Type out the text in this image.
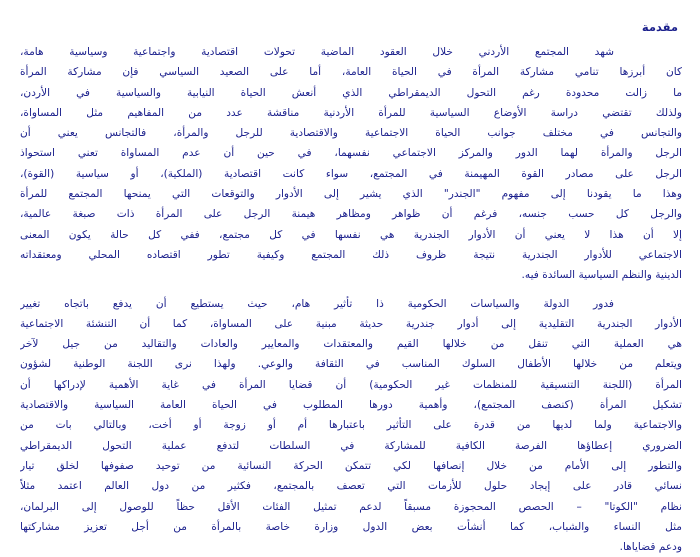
مقدمة
شهد المجتمع الأردني خلال العقود الماضية تحولات اقتصادية واجتماعية وسياسية هامة،
كان أبرزها تنامي مشاركة المرأة في الحياة العامة، أما على الصعيد السياسي فإن مشاركة المرأة
ما زالت محدودة رغم التحول الديمقراطي الذي أنعش الحياة النيابية والسياسية في الأردن،
ولذلك تقتضي دراسة الأوضاع السياسية للمرأة الأردنية مناقشة عدد من المفاهيم مثل المساواة،
والتجانس في مختلف جوانب الحياة الاجتماعية والاقتصادية للرجل والمرأة، فالتجانس يعني أن
الرجل والمرأة لهما الدور والمركز الاجتماعي نفسهما، في حين أن عدم المساواة تعني استحواذ
الرجل على مصادر القوة المهيمنة في المجتمع، سواء كانت اقتصادية (الملكية)، أو سياسية (القوة)،
وهذا ما يقودنا إلى مفهوم "الجندر" الذي يشير إلى الأدوار والتوقعات التي يمنحها المجتمع للمرأة
والرجل كل حسب جنسه، فرغم أن ظواهر ومظاهر هيمنة الرجل على المرأة ذات صبغة عالمية،
إلا أن هذا لا يعني أن الأدوار الجندرية هي نفسها في كل مجتمع، ففي كل حالة يكون المعنى
الاجتماعي للأدوار الجندرية نتيجة ظروف ذلك المجتمع وكيفية تطور اقتصاده المحلي ومعتقداته
الدينية والنظم السياسية السائدة فيه.
فدور الدولة والسياسات الحكومية ذا تأثير هام، حيث يستطيع أن يدفع باتجاه تغيير
الأدوار الجندرية التقليدية إلى أدوار جندرية حديثة مبنية على المساواة، كما أن التنشئة الاجتماعية
هي العملية التي تنقل من خلالها القيم والمعتقدات والمعايير والعادات والتقاليد من جيل لآخر
ويتعلم من خلالها الأطفال السلوك المناسب في الثقافة والوعي. ولهذا نرى اللجنة الوطنية لشؤون
المرأة (اللجنة التنسيقية للمنظمات غير الحكومية) أن قضايا المرأة في غاية الأهمية لإدراكها أن
تشكيل المرأة (كنصف المجتمع)، وأهمية دورها المطلوب في الحياة العامة السياسية والاقتصادية
والاجتماعية ولما لديها من قدرة على التأثير باعتبارها أم أو زوجة أو أخت، وبالتالي بات من
الضروري إعطاؤها الفرصة الكافية للمشاركة في السلطات لتدفع عملية التحول الديمقراطي
والتطور إلى الأمام من خلال إنصافها لكي تتمكن الحركة النسائية من توحيد صفوفها لخلق تيار
نسائي قادر على إيجاد حلول للأزمات التي تعصف بالمجتمع، فكثير من دول العالم اعتمد مثلاً
نظام "الكوتا" – الحصص المحجوزة مسبقاً لدعم تمثيل الفئات الأقل حظاً للوصول إلى البرلمان،
مثل النساء والشباب، كما أنشأت بعض الدول وزارة خاصة بالمرأة من أجل تعزيز مشاركتها
ودعم قضاياها.
